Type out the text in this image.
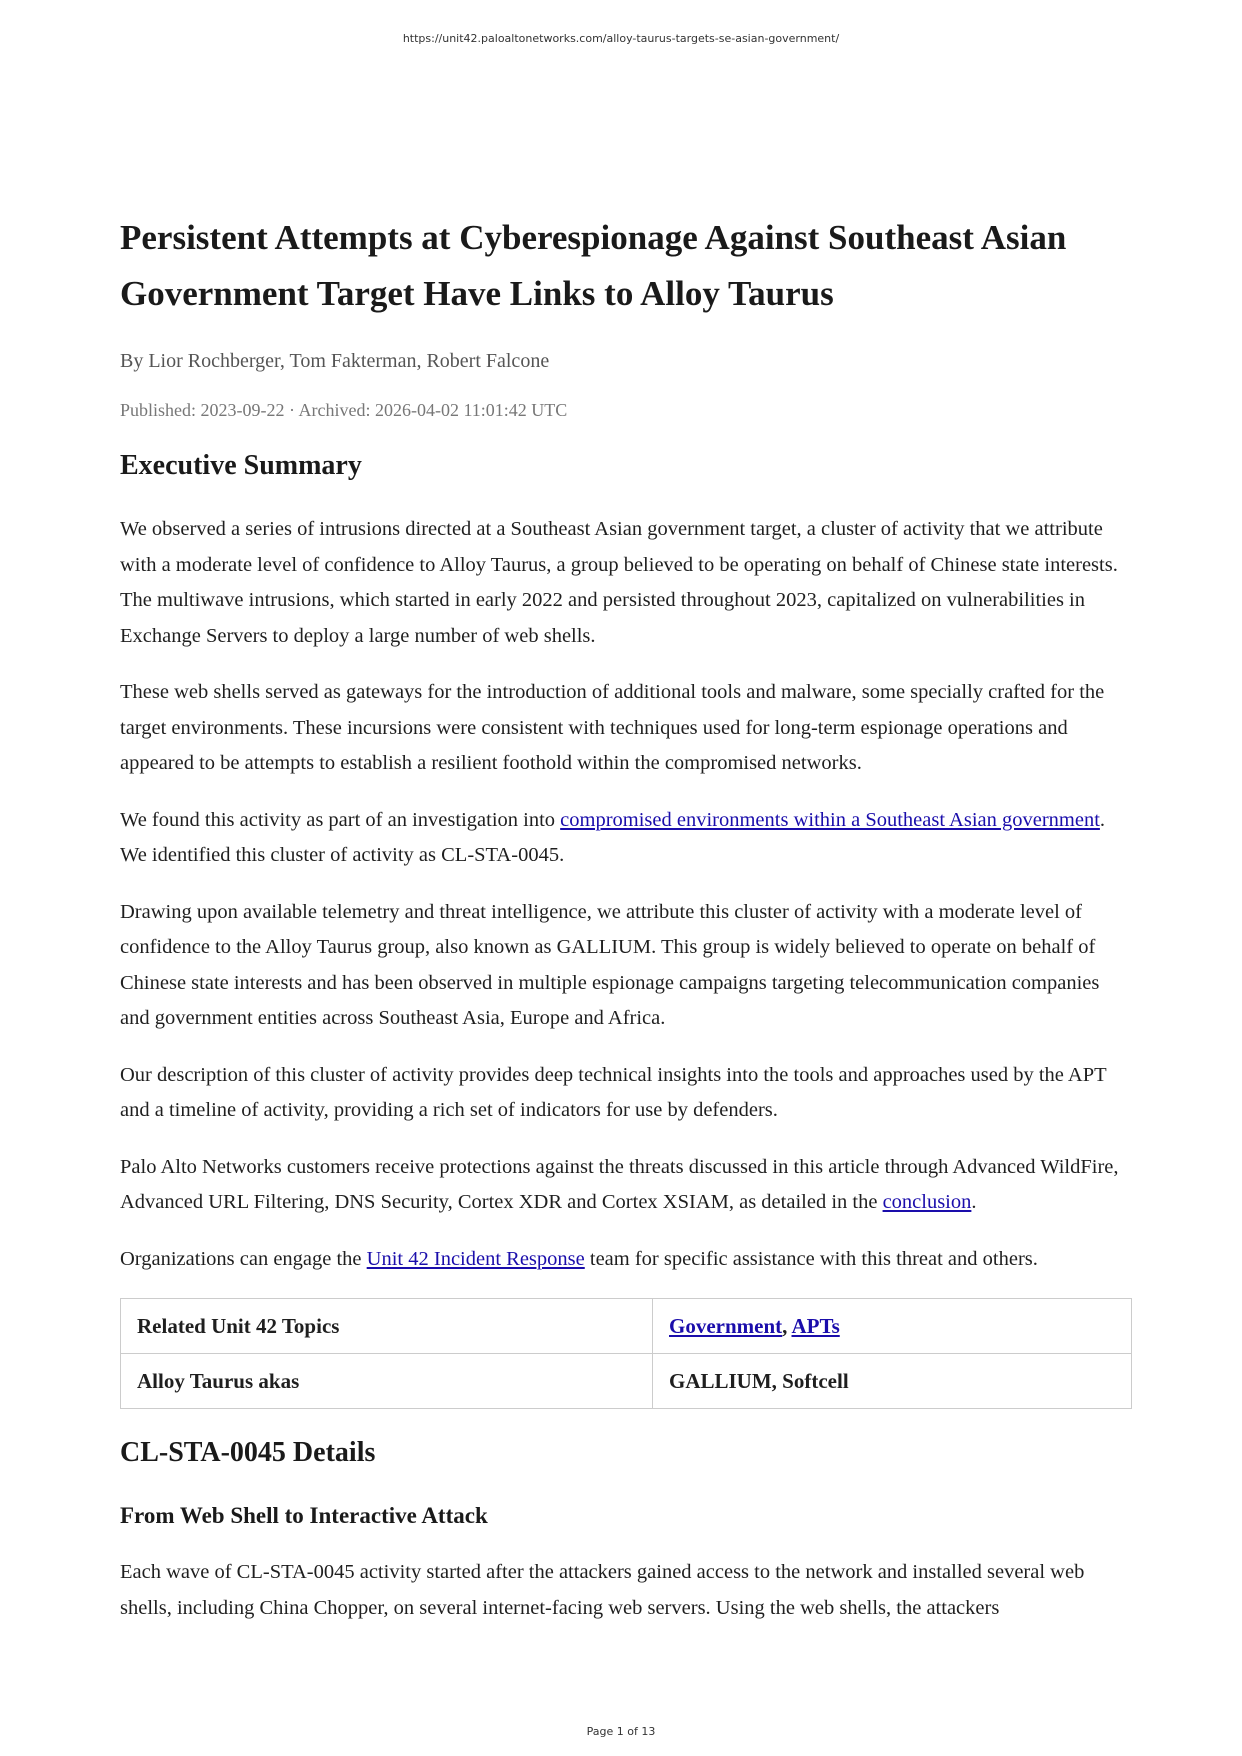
https://unit42.paloaltonetworks.com/alloy-taurus-targets-se-asian-government/
Persistent Attempts at Cyberespionage Against Southeast Asian Government Target Have Links to Alloy Taurus
By Lior Rochberger, Tom Fakterman, Robert Falcone
Published: 2023-09-22 · Archived: 2026-04-02 11:01:42 UTC
Executive Summary

We observed a series of intrusions directed at a Southeast Asian government target, a cluster of activity that we attribute with a moderate level of confidence to Alloy Taurus, a group believed to be operating on behalf of Chinese state interests. The multiwave intrusions, which started in early 2022 and persisted throughout 2023, capitalized on vulnerabilities in Exchange Servers to deploy a large number of web shells.

These web shells served as gateways for the introduction of additional tools and malware, some specially crafted for the target environments. These incursions were consistent with techniques used for long-term espionage operations and appeared to be attempts to establish a resilient foothold within the compromised networks.

We found this activity as part of an investigation into compromised environments within a Southeast Asian government. We identified this cluster of activity as CL-STA-0045.

Drawing upon available telemetry and threat intelligence, we attribute this cluster of activity with a moderate level of confidence to the Alloy Taurus group, also known as GALLIUM. This group is widely believed to operate on behalf of Chinese state interests and has been observed in multiple espionage campaigns targeting telecommunication companies and government entities across Southeast Asia, Europe and Africa.

Our description of this cluster of activity provides deep technical insights into the tools and approaches used by the APT and a timeline of activity, providing a rich set of indicators for use by defenders.

Palo Alto Networks customers receive protections against the threats discussed in this article through Advanced WildFire, Advanced URL Filtering, DNS Security, Cortex XDR and Cortex XSIAM, as detailed in the conclusion.

Organizations can engage the Unit 42 Incident Response team for specific assistance with this threat and others.

Related Unit 42 Topics	Government, APTs
Alloy Taurus akas	GALLIUM, Softcell
CL-STA-0045 Details
From Web Shell to Interactive Attack

Each wave of CL-STA-0045 activity started after the attackers gained access to the network and installed several web shells, including China Chopper, on several internet-facing web servers. Using the web shells, the attackers

Page 1 of 13
